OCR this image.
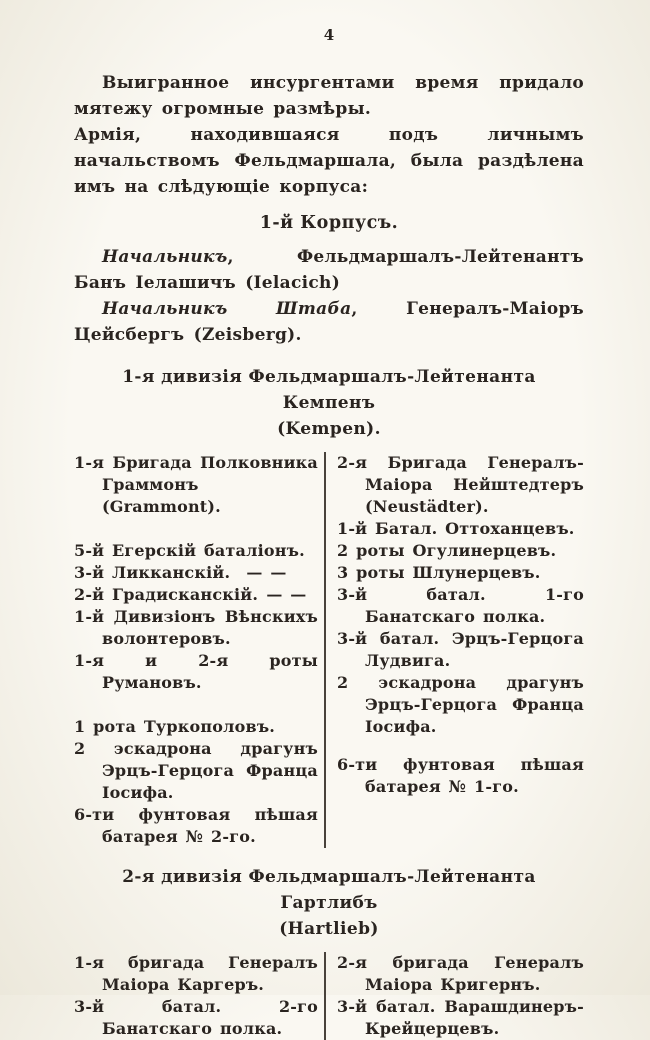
4

Выигранное инсургентами время придало мятежу огромные размѣры.

Армія, находившаяся подъ личнымъ начальствомъ Фельдмаршала, была раздѣлена имъ на слѣдующіе корпуса:

1-й Корпусъ.

Начальникъ, Фельдмаршалъ-Лейтенантъ Банъ Іелашичъ (Ielacich)

Начальникъ Штаба, Генералъ-Маіоръ Цейсбергъ (Zeisberg).

1-я дивизія Фельдмаршалъ-Лейтенанта Кемпенъ
(Kempen).

1-я Бригада Полковника Граммонъ (Grammont).

5-й Егерскій баталіонъ.

3-й Ликканскій. — —

2-й Градисканскій. — —

1-й Дивизіонъ Вѣнскихъ волонтеровъ.

1-я и 2-я роты Румановъ.

1 рота Туркополовъ.

2 эскадрона драгунъ Эрцъ-Герцога Франца Іосифа.

6-ти фунтовая пѣшая батарея № 2-го.

2-я Бригада Генералъ-Маіора Нейштедтеръ (Neustädter).

1-й Батал. Оттоханцевъ.

2 роты Огулинерцевъ.

3 роты Шлунерцевъ.

3-й батал. 1-го Банатскаго полка.

3-й батал. Эрцъ-Герцога Лудвига.

2 эскадрона драгунъ Эрцъ-Герцога Франца Іосифа.

6-ти фунтовая пѣшая батарея № 1-го.

2-я дивизія Фельдмаршалъ-Лейтенанта Гартлибъ
(Hartlieb)

1-я бригада Генералъ Маіора Каргеръ.

3-й батал. 2-го Банатскаго полка.

2-я бригада Генералъ Маіора Кригернъ.

3-й батал. Варашдинеръ-Крейцерцевъ.
